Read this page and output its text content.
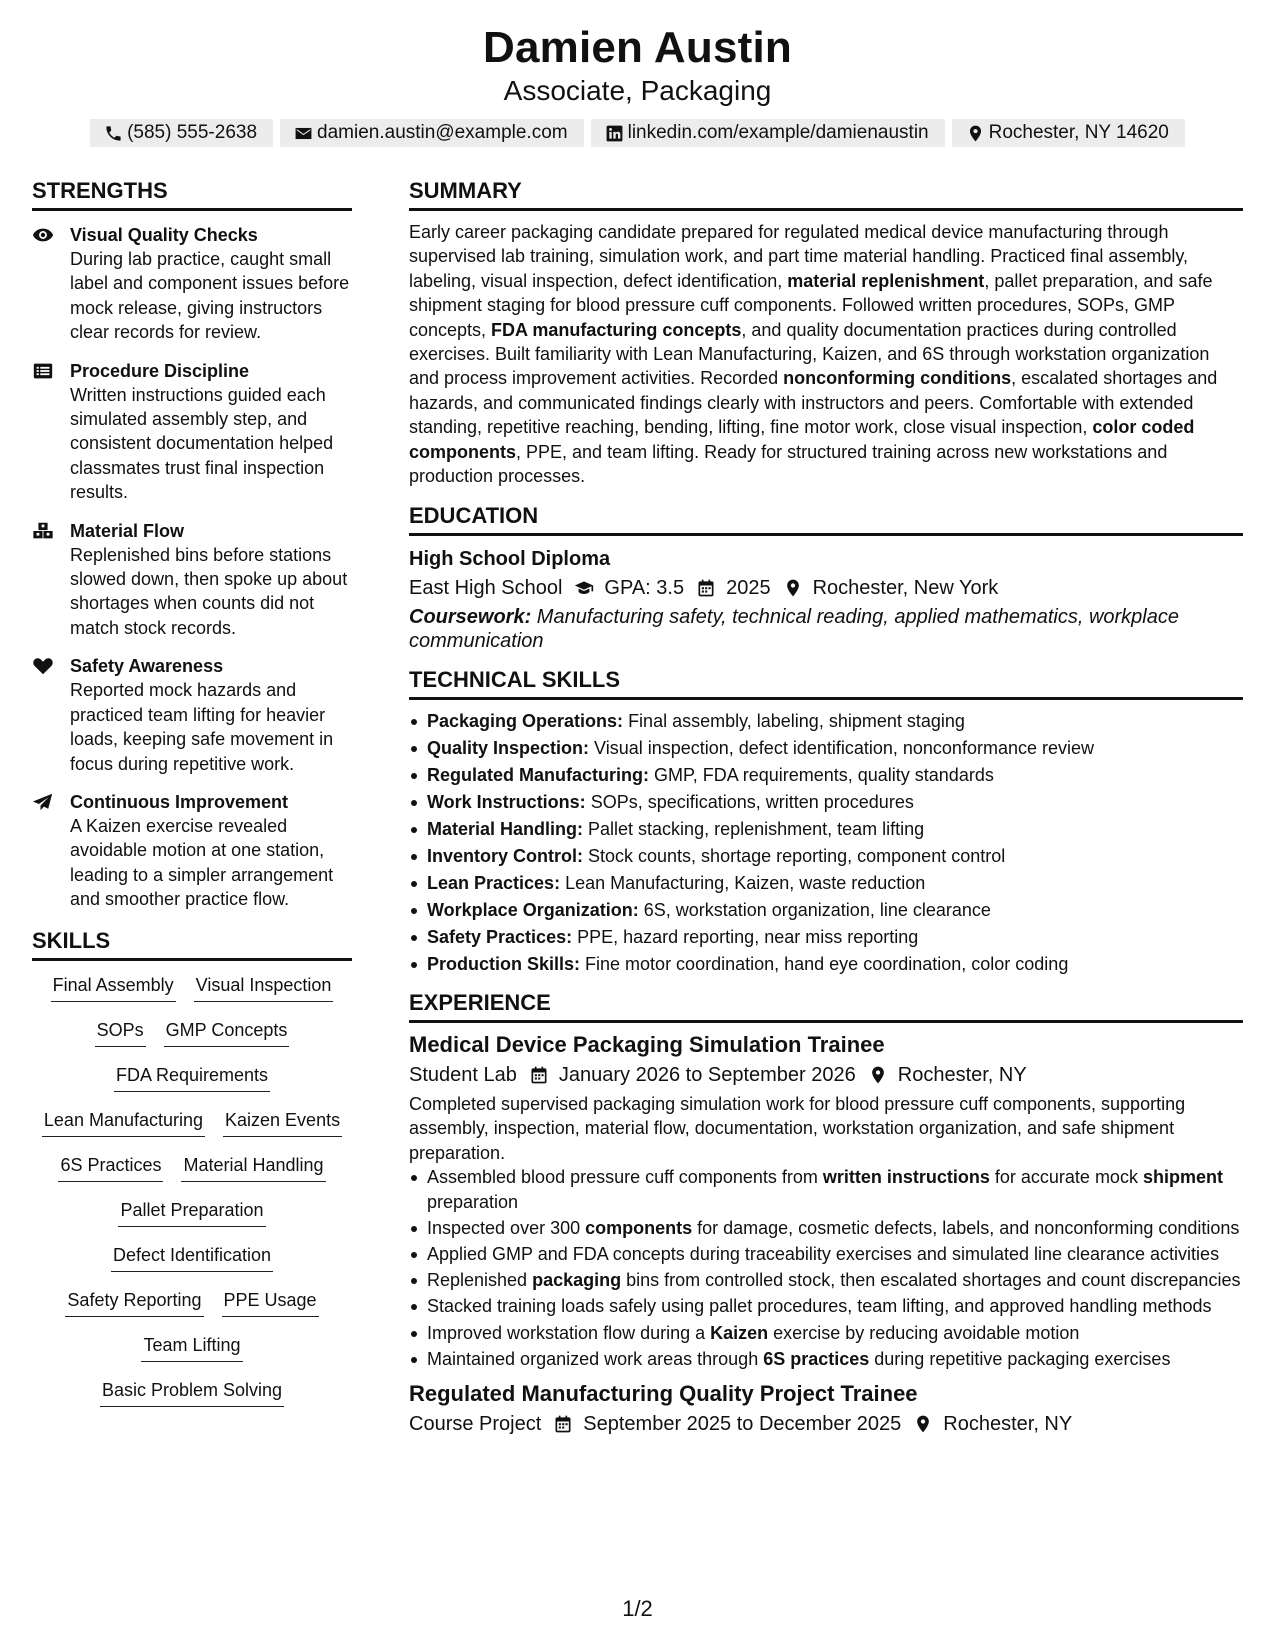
Damien Austin
Associate, Packaging
(585) 555-2638	damien.austin@example.com	linkedin.com/example/damienaustin	Rochester, NY 14620
STRENGTHS
Visual Quality Checks
During lab practice, caught small label and component issues before mock release, giving instructors clear records for review.
Procedure Discipline
Written instructions guided each simulated assembly step, and consistent documentation helped classmates trust final inspection results.
Material Flow
Replenished bins before stations slowed down, then spoke up about shortages when counts did not match stock records.
Safety Awareness
Reported mock hazards and practiced team lifting for heavier loads, keeping safe movement in focus during repetitive work.
Continuous Improvement
A Kaizen exercise revealed avoidable motion at one station, leading to a simpler arrangement and smoother practice flow.
SKILLS
Final Assembly Visual Inspection
SOPs GMP Concepts
FDA Requirements
Lean Manufacturing Kaizen Events
6S Practices Material Handling
Pallet Preparation
Defect Identification
Safety Reporting PPE Usage
Team Lifting
Basic Problem Solving
SUMMARY
Early career packaging candidate prepared for regulated medical device manufacturing through supervised lab training, simulation work, and part time material handling. Practiced final assembly, labeling, visual inspection, defect identification, material replenishment, pallet preparation, and safe shipment staging for blood pressure cuff components. Followed written procedures, SOPs, GMP concepts, FDA manufacturing concepts, and quality documentation practices during controlled exercises. Built familiarity with Lean Manufacturing, Kaizen, and 6S through workstation organization and process improvement activities. Recorded nonconforming conditions, escalated shortages and hazards, and communicated findings clearly with instructors and peers. Comfortable with extended standing, repetitive reaching, bending, lifting, fine motor work, close visual inspection, color coded components, PPE, and team lifting. Ready for structured training across new workstations and production processes.
EDUCATION
High School Diploma
East High School GPA: 3.5 2025 Rochester, New York
Coursework: Manufacturing safety, technical reading, applied mathematics, workplace communication
TECHNICAL SKILLS
Packaging Operations: Final assembly, labeling, shipment staging
Quality Inspection: Visual inspection, defect identification, nonconformance review
Regulated Manufacturing: GMP, FDA requirements, quality standards
Work Instructions: SOPs, specifications, written procedures
Material Handling: Pallet stacking, replenishment, team lifting
Inventory Control: Stock counts, shortage reporting, component control
Lean Practices: Lean Manufacturing, Kaizen, waste reduction
Workplace Organization: 6S, workstation organization, line clearance
Safety Practices: PPE, hazard reporting, near miss reporting
Production Skills: Fine motor coordination, hand eye coordination, color coding
EXPERIENCE
Medical Device Packaging Simulation Trainee
Student Lab January 2026 to September 2026 Rochester, NY
Completed supervised packaging simulation work for blood pressure cuff components, supporting assembly, inspection, material flow, documentation, workstation organization, and safe shipment preparation.
Assembled blood pressure cuff components from written instructions for accurate mock shipment preparation
Inspected over 300 components for damage, cosmetic defects, labels, and nonconforming conditions
Applied GMP and FDA concepts during traceability exercises and simulated line clearance activities
Replenished packaging bins from controlled stock, then escalated shortages and count discrepancies
Stacked training loads safely using pallet procedures, team lifting, and approved handling methods
Improved workstation flow during a Kaizen exercise by reducing avoidable motion
Maintained organized work areas through 6S practices during repetitive packaging exercises
Regulated Manufacturing Quality Project Trainee
Course Project September 2025 to December 2025 Rochester, NY
1/2
